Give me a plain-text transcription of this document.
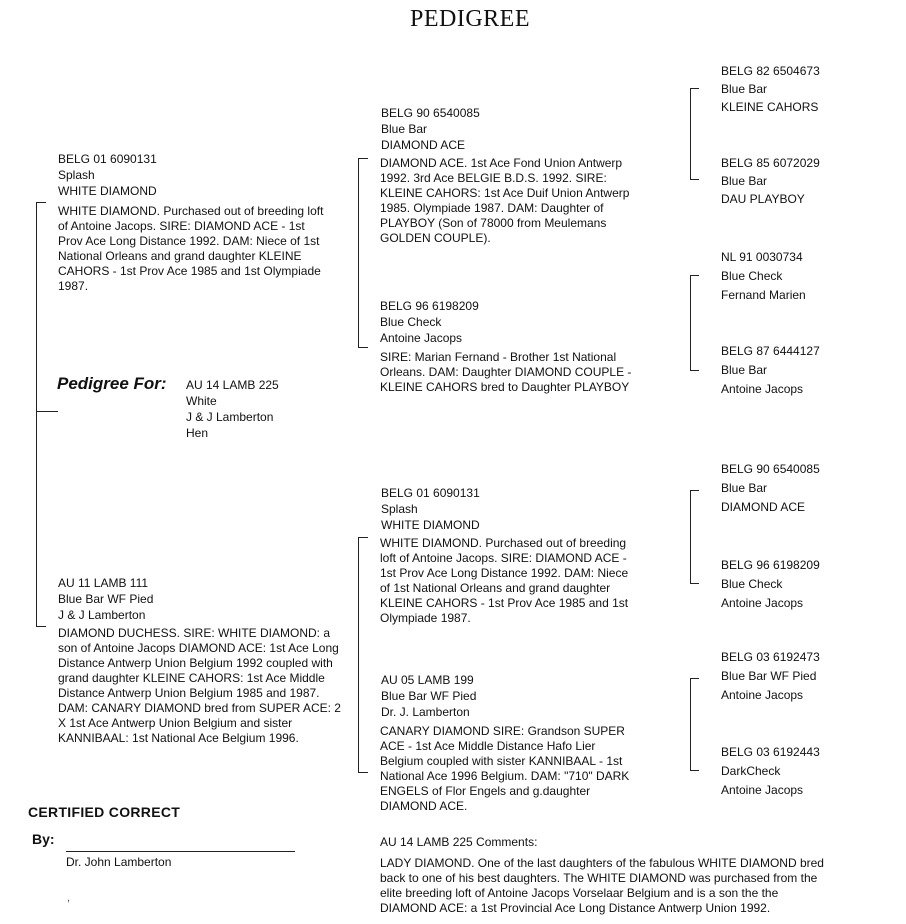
PEDIGREE
Pedigree For: AU 14 LAMB 225
White
J & J Lamberton
Hen
BELG 01 6090131
Splash
WHITE DIAMOND
WHITE DIAMOND. Purchased out of breeding loft of Antoine Jacops. SIRE: DIAMOND ACE - 1st Prov Ace Long Distance 1992. DAM: Niece of 1st National Orleans and grand daughter KLEINE CAHORS - 1st Prov Ace 1985 and 1st Olympiade 1987.
AU 11 LAMB 111
Blue Bar WF Pied
J & J Lamberton
DIAMOND DUCHESS. SIRE: WHITE DIAMOND: a son of Antoine Jacops DIAMOND ACE: 1st Ace Long Distance Antwerp Union Belgium 1992 coupled with grand daughter KLEINE CAHORS: 1st Ace Middle Distance Antwerp Union Belgium 1985 and 1987. DAM: CANARY DIAMOND bred from SUPER ACE: 2 X 1st Ace Antwerp Union Belgium and sister KANNIBAAL: 1st National Ace Belgium 1996.
BELG 90 6540085
Blue Bar
DIAMOND ACE
DIAMOND ACE. 1st Ace Fond Union Antwerp 1992. 3rd Ace BELGIE B.D.S. 1992. SIRE: KLEINE CAHORS: 1st Ace Duif Union Antwerp 1985. Olympiade 1987. DAM: Daughter of PLAYBOY (Son of 78000 from Meulemans GOLDEN COUPLE).
BELG 96 6198209
Blue Check
Antoine Jacops
SIRE: Marian Fernand - Brother 1st National Orleans. DAM: Daughter DIAMOND COUPLE - KLEINE CAHORS bred to Daughter PLAYBOY
BELG 01 6090131
Splash
WHITE DIAMOND
WHITE DIAMOND. Purchased out of breeding loft of Antoine Jacops. SIRE: DIAMOND ACE - 1st Prov Ace Long Distance 1992. DAM: Niece of 1st National Orleans and grand daughter KLEINE CAHORS - 1st Prov Ace 1985 and 1st Olympiade 1987.
AU 05 LAMB 199
Blue Bar WF Pied
Dr. J. Lamberton
CANARY DIAMOND SIRE: Grandson SUPER ACE - 1st Ace Middle Distance Hafo Lier Belgium coupled with sister KANNIBAAL - 1st National Ace 1996 Belgium. DAM: "710" DARK ENGELS of Flor Engels and g.daughter DIAMOND ACE.
BELG 82 6504673
Blue Bar
KLEINE CAHORS
BELG 85 6072029
Blue Bar
DAU PLAYBOY
NL 91 0030734
Blue Check
Fernand Marien
BELG 87 6444127
Blue Bar
Antoine Jacops
BELG 90 6540085
Blue Bar
DIAMOND ACE
BELG 96 6198209
Blue Check
Antoine Jacops
BELG 03 6192473
Blue Bar WF Pied
Antoine Jacops
BELG 03 6192443
DarkCheck
Antoine Jacops
CERTIFIED CORRECT
By:
Dr. John Lamberton
,
AU 14 LAMB 225 Comments:
LADY DIAMOND. One of the last daughters of the fabulous WHITE DIAMOND bred back to one of his best daughters. The WHITE DIAMOND was purchased from the elite breeding loft of Antoine Jacops Vorselaar Belgium and is a son the the DIAMOND ACE: a 1st Provincial Ace Long Distance Antwerp Union 1992.
